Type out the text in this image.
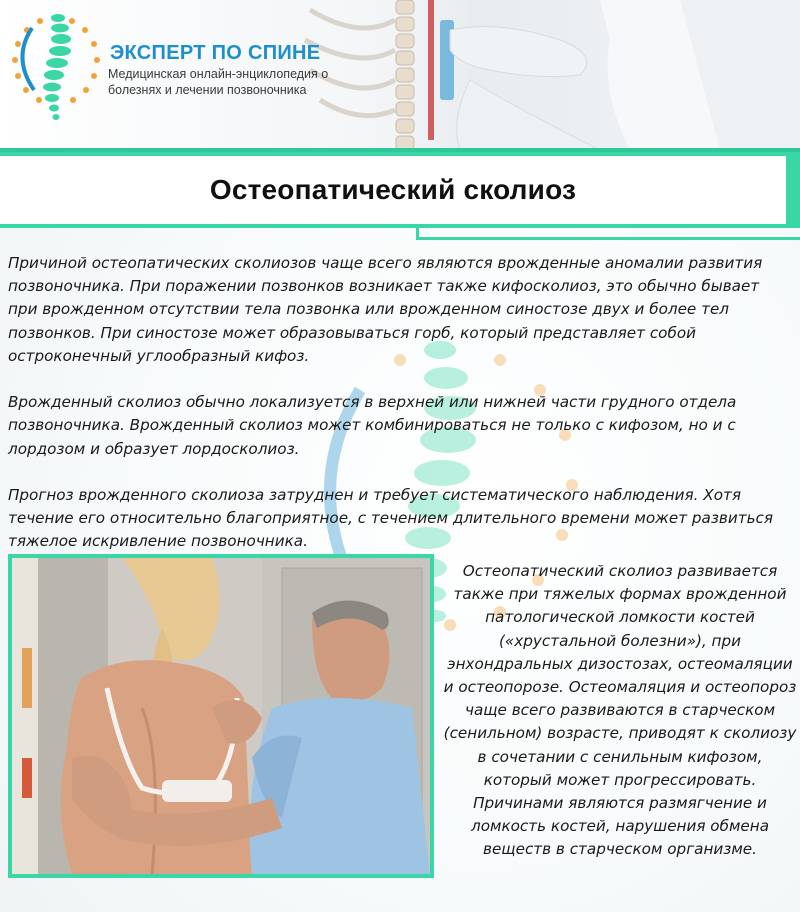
ЭКСПЕРТ ПО СПИНЕ
Медицинская онлайн-энциклопедия о болезнях и лечении позвоночника
Остеопатический сколиоз

Причиной остеопатических сколиозов чаще всего являются врожденные аномалии развития позвоночника. При поражении позвонков возникает также кифосколиоз, это обычно бывает при врожденном отсутствии тела позвонка или врожденном синостозе двух и более тел позвонков. При синостозе может образовываться горб, который представляет собой остроконечный углообразный кифоз.

Врожденный сколиоз обычно локализуется в верхней или нижней части грудного отдела позвоночника. Врожденный сколиоз может комбинироваться не только с кифозом, но и с лордозом и образует лордосколиоз.

Прогноз врожденного сколиоза затруднен и требует систематического наблюдения. Хотя течение его относительно благоприятное, с течением длительного времени может развиться тяжелое искривление позвоночника.

Остеопатический сколиоз развивается также при тяжелых формах врожденной патологической ломкости костей («хрустальной болезни»), при энхондральных дизостозах, остеомаляции и остеопорозе. Остеомаляция и остеопороз чаще всего развиваются в старческом (сенильном) возрасте, приводят к сколиозу в сочетании с сенильным кифозом, который может прогрессировать. Причинами являются размягчение и ломкость костей, нарушения обмена веществ в старческом организме.
